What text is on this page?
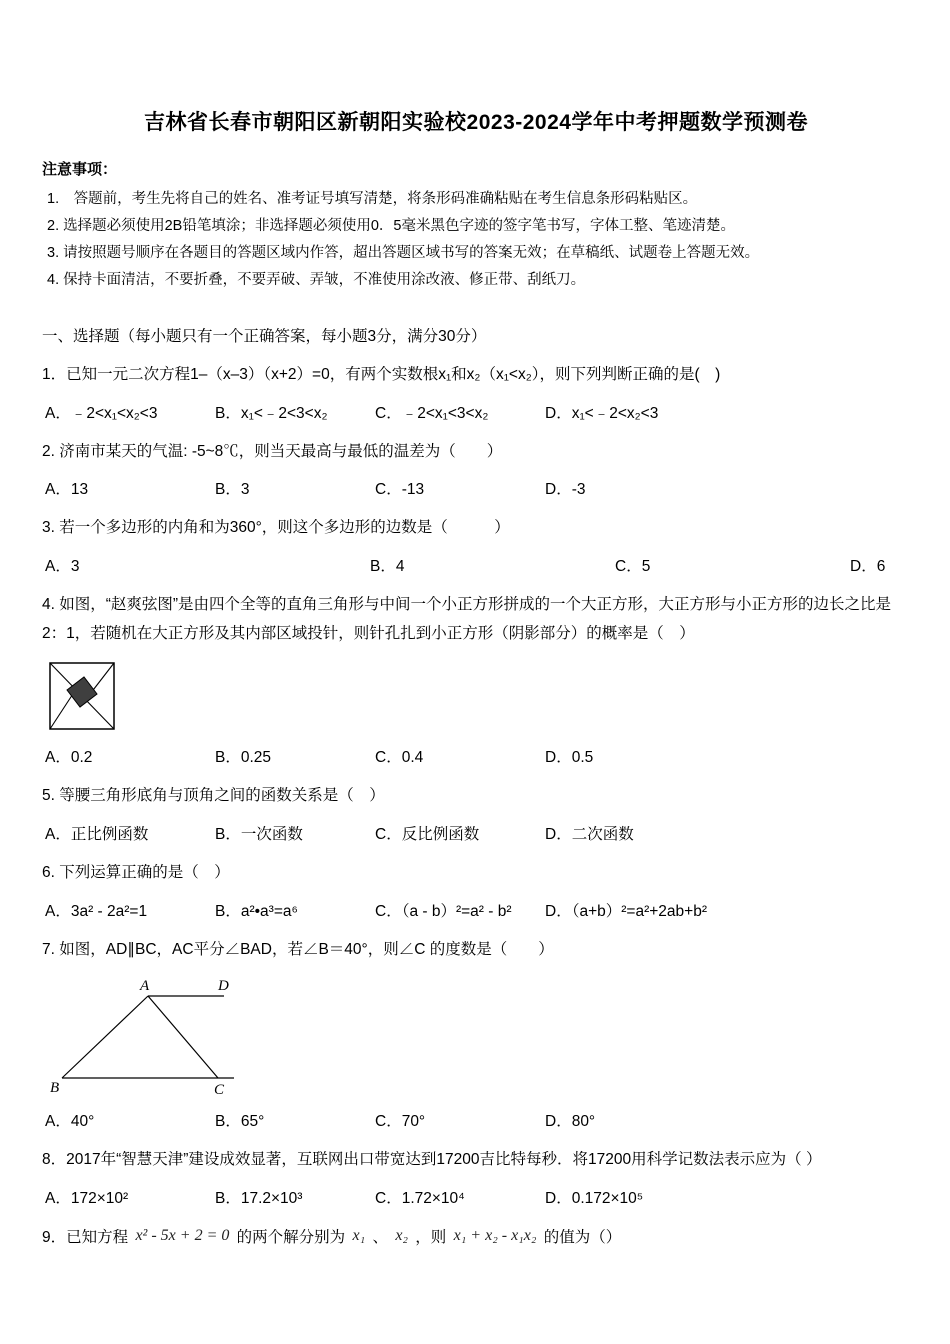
吉林省长春市朝阳区新朝阳实验校2023-2024学年中考押题数学预测卷
注意事项：
1.　答题前，考生先将自己的姓名、准考证号填写清楚，将条形码准确粘贴在考生信息条形码粘贴区。
2. 选择题必须使用2B铅笔填涂；非选择题必须使用0．5毫米黑色字迹的签字笔书写，字体工整、笔迹清楚。
3. 请按照题号顺序在各题目的答题区域内作答，超出答题区域书写的答案无效；在草稿纸、试题卷上答题无效。
4. 保持卡面清洁，不要折叠，不要弄破、弄皱，不准使用涂改液、修正带、刮纸刀。
一、选择题（每小题只有一个正确答案，每小题3分，满分30分）
1．已知一元二次方程1–（x–3）（x+2）=0，有两个实数根x₁和x₂（x₁<x₂），则下列判断正确的是(　)
A．﹣2<x₁<x₂<3	B．x₁<﹣2<3<x₂	C．﹣2<x₁<3<x₂	D．x₁<﹣2<x₂<3
2. 济南市某天的气温: -5~8℃，则当天最高与最低的温差为（　　）
A．13	B．3	C．-13	D．-3
3. 若一个多边形的内角和为360°，则这个多边形的边数是（　　　）
A．3	B．4	C．5	D．6
4. 如图，“赵爽弦图”是由四个全等的直角三角形与中间一个小正方形拼成的一个大正方形，大正方形与小正方形的边长之比是2：1，若随机在大正方形及其内部区域投针，则针孔扎到小正方形（阴影部分）的概率是（　）
A．0.2	B．0.25	C．0.4	D．0.5
5. 等腰三角形底角与顶角之间的函数关系是（　）
A．正比例函数	B．一次函数	C．反比例函数	D．二次函数
6. 下列运算正确的是（　）
A．3a² - 2a²=1	B．a²•a³=a⁶	C．（a - b）²=a² - b²	D．（a+b）²=a²+2ab+b²
7. 如图，AD∥BC，AC平分∠BAD，若∠B＝40°，则∠C 的度数是（　　）
A	D
B	C
A．40°	B．65°	C．70°	D．80°
8．2017年“智慧天津”建设成效显著，互联网出口带宽达到17200吉比特每秒．将17200用科学记数法表示应为（ ）
A．172×10²	B．17.2×10³	C．1.72×10⁴	D．0.172×10⁵
9．已知方程 x² - 5x + 2 = 0 的两个解分别为 x₁ 、 x₂ ，则 x₁ + x₂ - x₁x₂ 的值为（）
